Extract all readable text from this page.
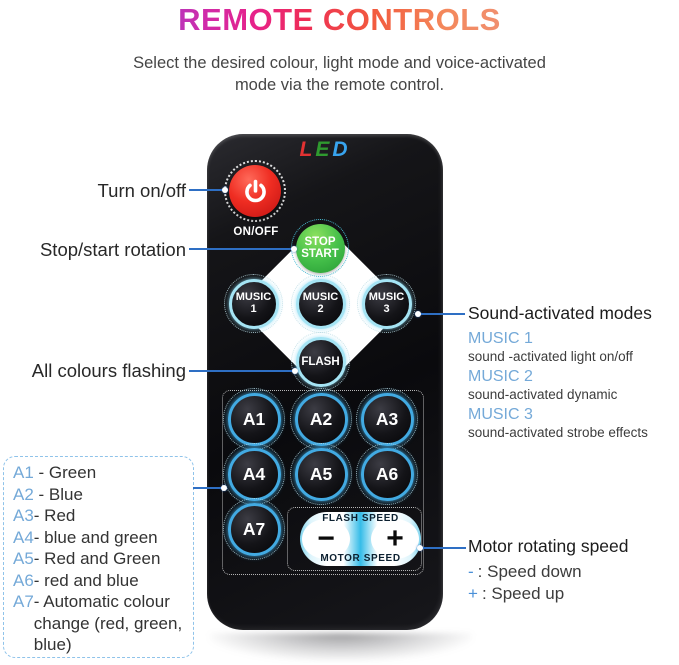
REMOTE CONTROLS
Select the desired colour, light mode and voice-activated
mode via the remote control.
LED
ON/OFF
STOP
START
MUSIC
1
MUSIC
2
MUSIC
3
FLASH
A1	A2 A3
A4	A5 A6
A7 − +
FLASH SPEED
MOTOR SPEED
Turn on/off
Stop/start rotation
All colours flashing
Sound-activated modes
MUSIC 1
sound -activated light on/off
MUSIC 2
sound-activated dynamic
MUSIC 3
sound-activated strobe effects
A1 - Green
A2 - Blue
A3 - Red
A4 - blue and green
A5 - Red and Green
A6 - red and blue
A7 - Automatic colour change (red, green, blue)
Motor rotating speed
- : Speed down
+ : Speed up
